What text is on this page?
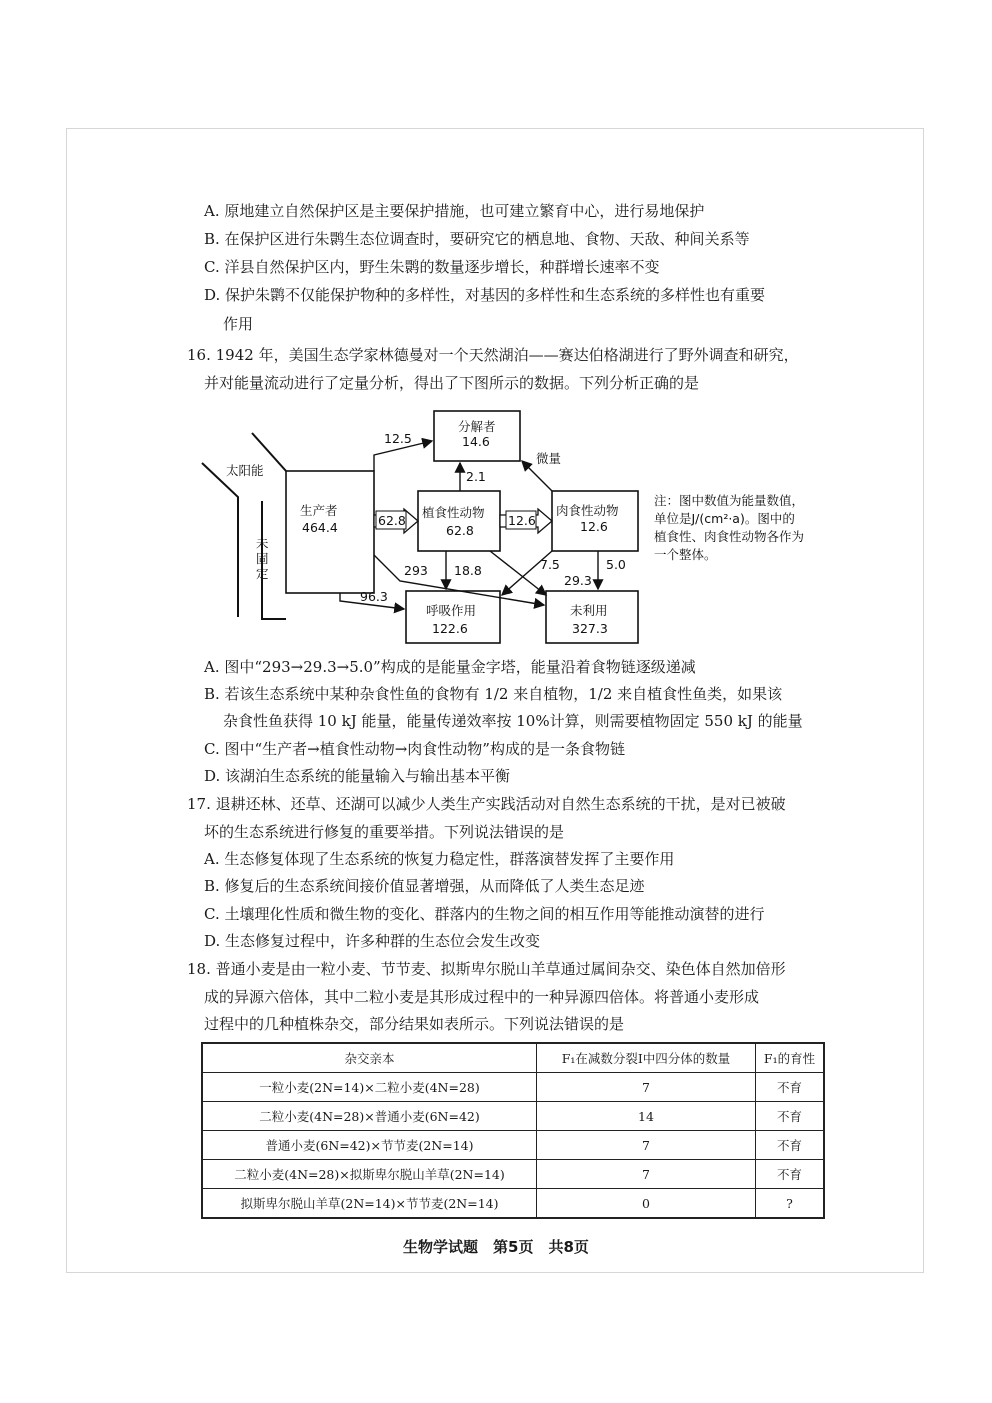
A. 原地建立自然保护区是主要保护措施，也可建立繁育中心，进行易地保护
B. 在保护区进行朱鹮生态位调查时，要研究它的栖息地、食物、天敌、种间关系等
C. 洋县自然保护区内，野生朱鹮的数量逐步增长，种群增长速率不变
D. 保护朱鹮不仅能保护物种的多样性，对基因的多样性和生态系统的多样性也有重要
作用
16. 1942 年，美国生态学家林德曼对一个天然湖泊——赛达伯格湖进行了野外调查和研究，
并对能量流动进行了定量分析，得出了下图所示的数据。下列分析正确的是
太阳能
未
固
定
生产者
464.4
分解者
14.6
植食性动物
62.8
肉食性动物
12.6
呼吸作用
122.6
未利用
327.3
12.5
62.8	12.6
2.1
微量
293
96.3
18.8	7.5
29.3
5.0
注：图中数值为能量数值，
单位是J/(cm²·a)。图中的
植食性、肉食性动物各作为
一个整体。
A. 图中“293→29.3→5.0”构成的是能量金字塔，能量沿着食物链逐级递减
B. 若该生态系统中某种杂食性鱼的食物有 1/2 来自植物，1/2 来自植食性鱼类，如果该
杂食性鱼获得 10 kJ 能量，能量传递效率按 10%计算，则需要植物固定 550 kJ 的能量
C. 图中“生产者→植食性动物→肉食性动物”构成的是一条食物链
D. 该湖泊生态系统的能量输入与输出基本平衡
17. 退耕还林、还草、还湖可以减少人类生产实践活动对自然生态系统的干扰，是对已被破
坏的生态系统进行修复的重要举措。下列说法错误的是
A. 生态修复体现了生态系统的恢复力稳定性，群落演替发挥了主要作用
B. 修复后的生态系统间接价值显著增强，从而降低了人类生态足迹
C. 土壤理化性质和微生物的变化、群落内的生物之间的相互作用等能推动演替的进行
D. 生态修复过程中，许多种群的生态位会发生改变
18. 普通小麦是由一粒小麦、节节麦、拟斯卑尔脱山羊草通过属间杂交、染色体自然加倍形
成的异源六倍体，其中二粒小麦是其形成过程中的一种异源四倍体。将普通小麦形成
过程中的几种植株杂交，部分结果如表所示。下列说法错误的是
杂交亲本	F₁在减数分裂Ⅰ中四分体的数量	F₁的育性
一粒小麦(2N=14)×二粒小麦(4N=28)	7	不育
二粒小麦(4N=28)×普通小麦(6N=42)	14	不育
普通小麦(6N=42)×节节麦(2N=14)	7	不育
二粒小麦(4N=28)×拟斯卑尔脱山羊草(2N=14)	7	不育
拟斯卑尔脱山羊草(2N=14)×节节麦(2N=14)	0	?
生物学试题　第5页　共8页
